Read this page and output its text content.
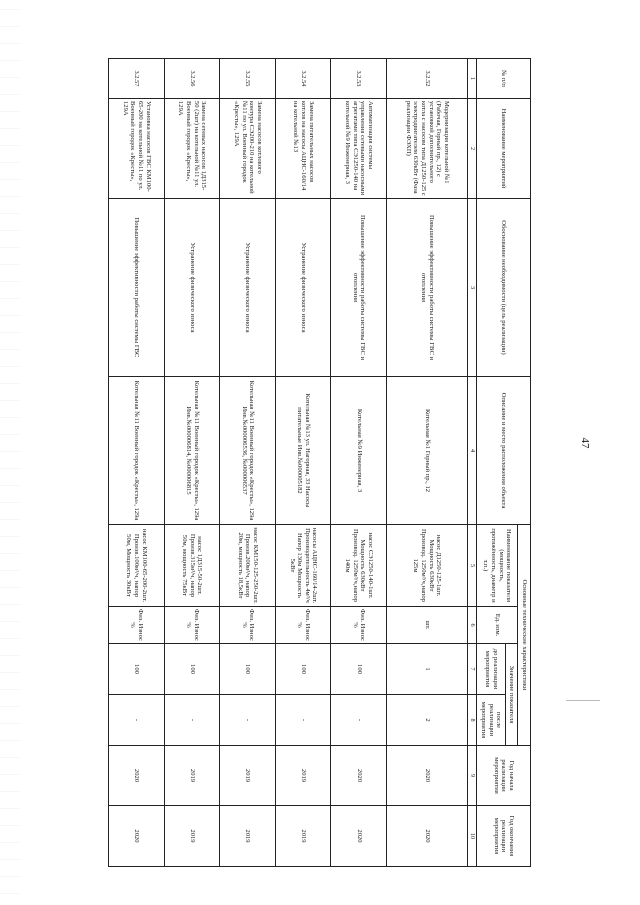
47
№ п/п	Наименование мероприятий	Обоснование необходимости (цель реализации)	Описание и место расположения объекта	Основные технические характеристики				Год начала реализации мероприятия	Год окончания реализации мероприятия
				Наименование показателя (мощность, протяжённость, диаметр и т.п.)	Ед. изм.	Значение показателя			
						до реализации мероприятия	после реализации мероприятия		
1	2	3	4	5	6	7	8	9	10
3.2.52	Модернизация котельной №1 (Рабочая, Горный пр., 12) с установкой дополнительного котла с насосом типа Д1250-125 с электродвигателем 630кВт (Фаза реализации ФЭХП)	Повышение эффективности работы системы ГВС и отопления	Котельная №1 Горный пр., 12	насос Д1250-125-1шт. Мощность 630кВт Производ. 1250м³/ч,напор 125м	шт.	1	2	2020	2020
3.2.53	Автоматизация системы управления сетевыми насосными агрегатами типа СЭ1250-140 на котельной №9 Инженерная, 3	Повышение эффективности работы системы ГВС и отопления	Котельная №9 Инженерная, 3	насос СЭ1250-140-1шт. Мощность 630кВт Производ. 1250м³/ч,напор 140м	Физ. Износ %	100	-	2020	2020
3.2.54	Замена питательных насосов котлов на насосы АЦНС-160/14 на котельной №13	Устранение физического износа	Котельная №13 ул. Нагорная, 33 Насосы питательные Инв.№000005182	насосы АЦНС-160/14-2шт. Производительность 4м³/ч Напор 130м Мощность 5кВт	Физ. Износ %	100	-	2019	2019
3.2.55	Замена насосов котлового контура СЭ200-210 на котельной №11 по ул. Военный городок «Кресты», 129А	Устранение физического износа	Котельная №11 Военный городок «Кресты», 129а Инв.№000006536, №000006537	насос КМ150-125-250-2шт. Произв.200м³/ч, напор 20м, мощность 18,5кВт	Физ. Износ %	100	-	2019	2019
3.2.56	Замена сетевых насосов 1Д315-50 (2шт) на котельной №11 ул. Военный городок «Кресты», 129А	Устранение физического износа	Котельная №11 Военный городок «Кресты», 129а Инв.№000006814, №000006815	насос 1Д315-50-2шт. Произв.315м³/ч, напор 50м, мощность 75кВт	Физ. Износ %	100	-	2019	2019
3.2.57	Установка насосов ГВС КМ100-65-200 на котельной №11 по ул. Военный городок «Кресты», 129А	Повышение эффективности работы системы ГВС	Котельная №11 Военный городок «Кресты», 129а	насос КМ100-65-200-2шт. Произв.100м³/ч, напор 50м, Мощность 30кВт	Физ. Износ %	100	-	2020	2020
